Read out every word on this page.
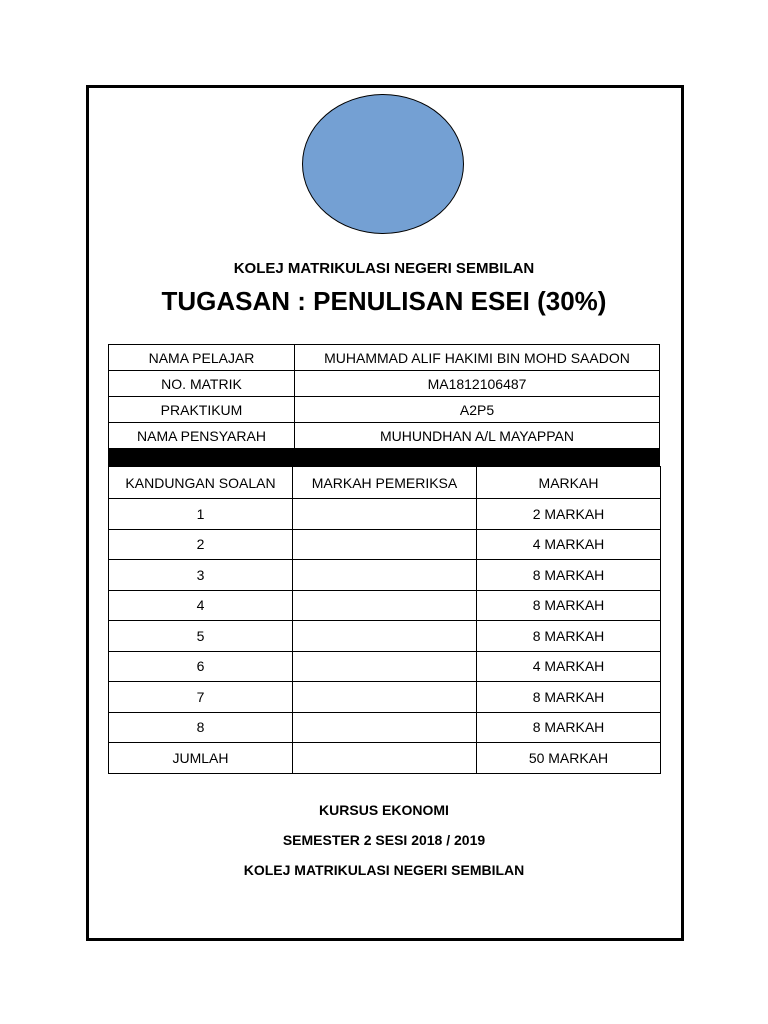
KOLEJ MATRIKULASI NEGERI SEMBILAN
TUGASAN : PENULISAN ESEI (30%)
NAMA PELAJAR	MUHAMMAD ALIF HAKIMI BIN MOHD SAADON
NO. MATRIK	MA1812106487
PRAKTIKUM	A2P5
NAMA PENSYARAH	MUHUNDHAN A/L MAYAPPAN
KANDUNGAN SOALAN	MARKAH PEMERIKSA	MARKAH
1		2 MARKAH
2		4 MARKAH
3		8 MARKAH
4		8 MARKAH
5		8 MARKAH
6		4 MARKAH
7		8 MARKAH
8		8 MARKAH
JUMLAH		50 MARKAH
KURSUS EKONOMI
SEMESTER 2 SESI 2018 / 2019
KOLEJ MATRIKULASI NEGERI SEMBILAN
